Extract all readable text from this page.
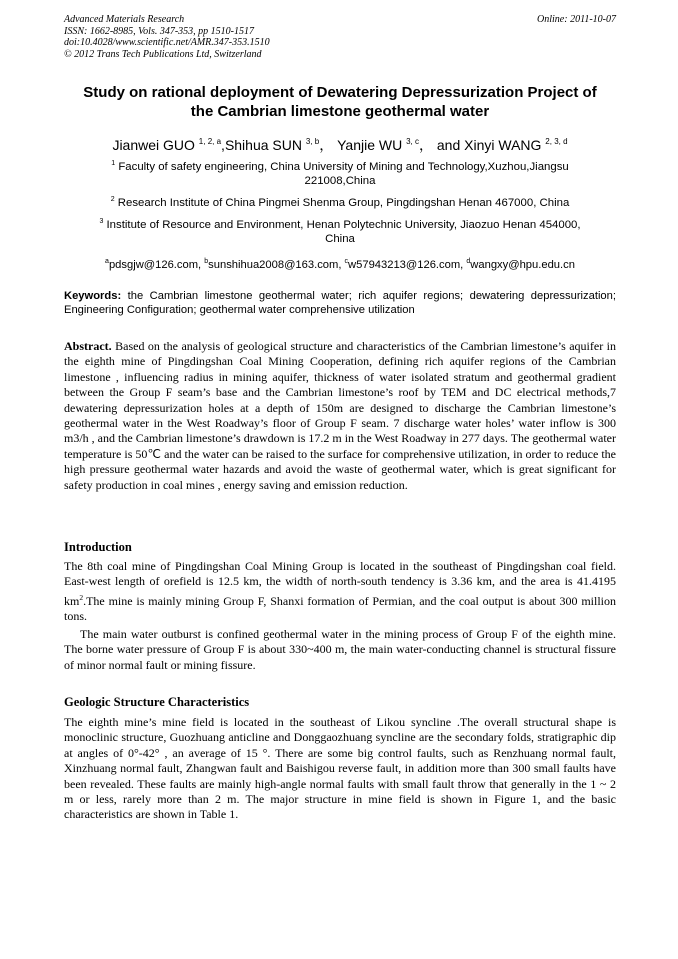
Advanced Materials Research
ISSN: 1662-8985, Vols. 347-353, pp 1510-1517
doi:10.4028/www.scientific.net/AMR.347-353.1510
© 2012 Trans Tech Publications Ltd, Switzerland
Online: 2011-10-07
Study on rational deployment of Dewatering Depressurization Project of
the Cambrian limestone geothermal water
Jianwei GUO $^{1, 2, a}$,Shihua SUN $^{3, b}$， Yanjie WU $^{3, c}$， and Xinyi WANG $^{2, 3, d}$
$^1$ Faculty of safety engineering, China University of Mining and Technology,Xuzhou,Jiangsu
221008,China
$^2$ Research Institute of China Pingmei Shenma Group, Pingdingshan Henan 467000, China
$^3$ Institute of Resource and Environment, Henan Polytechnic University, Jiaozuo Henan 454000,
China
$^a$pdsgjw@126.com, $^b$sunshihua2008@163.com, $^c$w57943213@126.com, $^d$wangxy@hpu.edu.cn
Keywords: the Cambrian limestone geothermal water; rich aquifer regions; dewatering depressurization; Engineering Configuration; geothermal water comprehensive utilization
Abstract. Based on the analysis of geological structure and characteristics of the Cambrian limestone’s aquifer in the eighth mine of Pingdingshan Coal Mining Cooperation, defining rich aquifer regions of the Cambrian limestone , influencing radius in mining aquifer, thickness of water isolated stratum and geothermal gradient between the Group F seam’s base and the Cambrian limestone’s roof by TEM and DC electrical methods,7 dewatering depressurization holes at a depth of 150m are designed to discharge the Cambrian limestone’s geothermal water in the West Roadway’s floor of Group F seam. 7 discharge water holes’ water inflow is 300 m3/h , and the Cambrian limestone’s drawdown is 17.2 m in the West Roadway in 277 days. The geothermal water temperature is 50℃ and the water can be raised to the surface for comprehensive utilization, in order to reduce the high pressure geothermal water hazards and avoid the waste of geothermal water, which is great significant for safety production in coal mines , energy saving and emission reduction.
Introduction
The 8th coal mine of Pingdingshan Coal Mining Group is located in the southeast of Pingdingshan coal field. East-west length of orefield is 12.5 km, the width of north-south tendency is 3.36 km, and the area is 41.4195 $km^2.The$ mine is mainly mining Group F, Shanxi formation of Permian, and the coal output is about 300 million tons.
The main water outburst is confined geothermal water in the mining process of Group F of the eighth mine. The borne water pressure of Group F is about 330~400 m, the main water-conducting channel is structural fissure of minor normal fault or mining fissure.
Geologic Structure Characteristics
The eighth mine’s mine field is located in the southeast of Likou syncline .The overall structural shape is monoclinic structure, Guozhuang anticline and Donggaozhuang syncline are the secondary folds, stratigraphic dip at angles of 0°-42° , an average of 15 °. There are some big control faults, such as Renzhuang normal fault, Xinzhuang normal fault, Zhangwan fault and Baishigou reverse fault, in addition more than 300 small faults have been revealed. These faults are mainly high-angle normal faults with small fault throw that generally in the 1 ~ 2 m or less, rarely more than 2 m. The major structure in mine field is shown in Figure 1, and the basic characteristics are shown in Table 1.
